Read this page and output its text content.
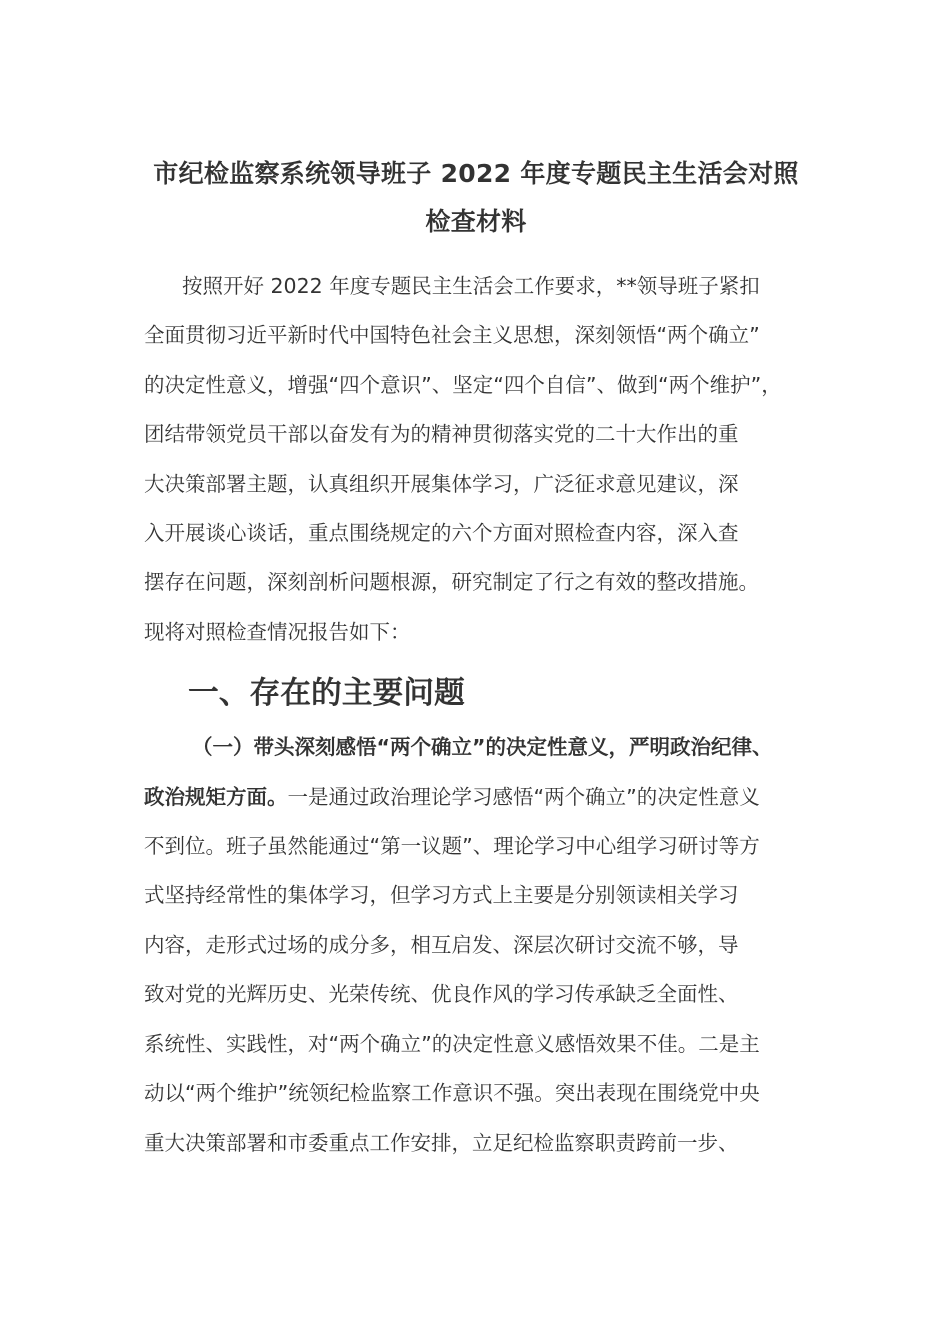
市纪检监察系统领导班子 2022 年度专题民主生活会对照
检查材料

按照开好 2022 年度专题民主生活会工作要求，**领导班子紧扣
全面贯彻习近平新时代中国特色社会主义思想，深刻领悟“两个确立”
的决定性意义，增强“四个意识”、坚定“四个自信”、做到“两个维护”，
团结带领党员干部以奋发有为的精神贯彻落实党的二十大作出的重
大决策部署主题，认真组织开展集体学习，广泛征求意见建议，深
入开展谈心谈话，重点围绕规定的六个方面对照检查内容，深入查
摆存在问题，深刻剖析问题根源，研究制定了行之有效的整改措施。
现将对照检查情况报告如下：

一、存在的主要问题

（一）带头深刻感悟“两个确立”的决定性意义，严明政治纪律、
政治规矩方面。一是通过政治理论学习感悟“两个确立”的决定性意义
不到位。班子虽然能通过“第一议题”、理论学习中心组学习研讨等方
式坚持经常性的集体学习，但学习方式上主要是分别领读相关学习
内容，走形式过场的成分多，相互启发、深层次研讨交流不够，导
致对党的光辉历史、光荣传统、优良作风的学习传承缺乏全面性、
系统性、实践性，对“两个确立”的决定性意义感悟效果不佳。二是主
动以“两个维护”统领纪检监察工作意识不强。突出表现在围绕党中央
重大决策部署和市委重点工作安排，立足纪检监察职责跨前一步、
